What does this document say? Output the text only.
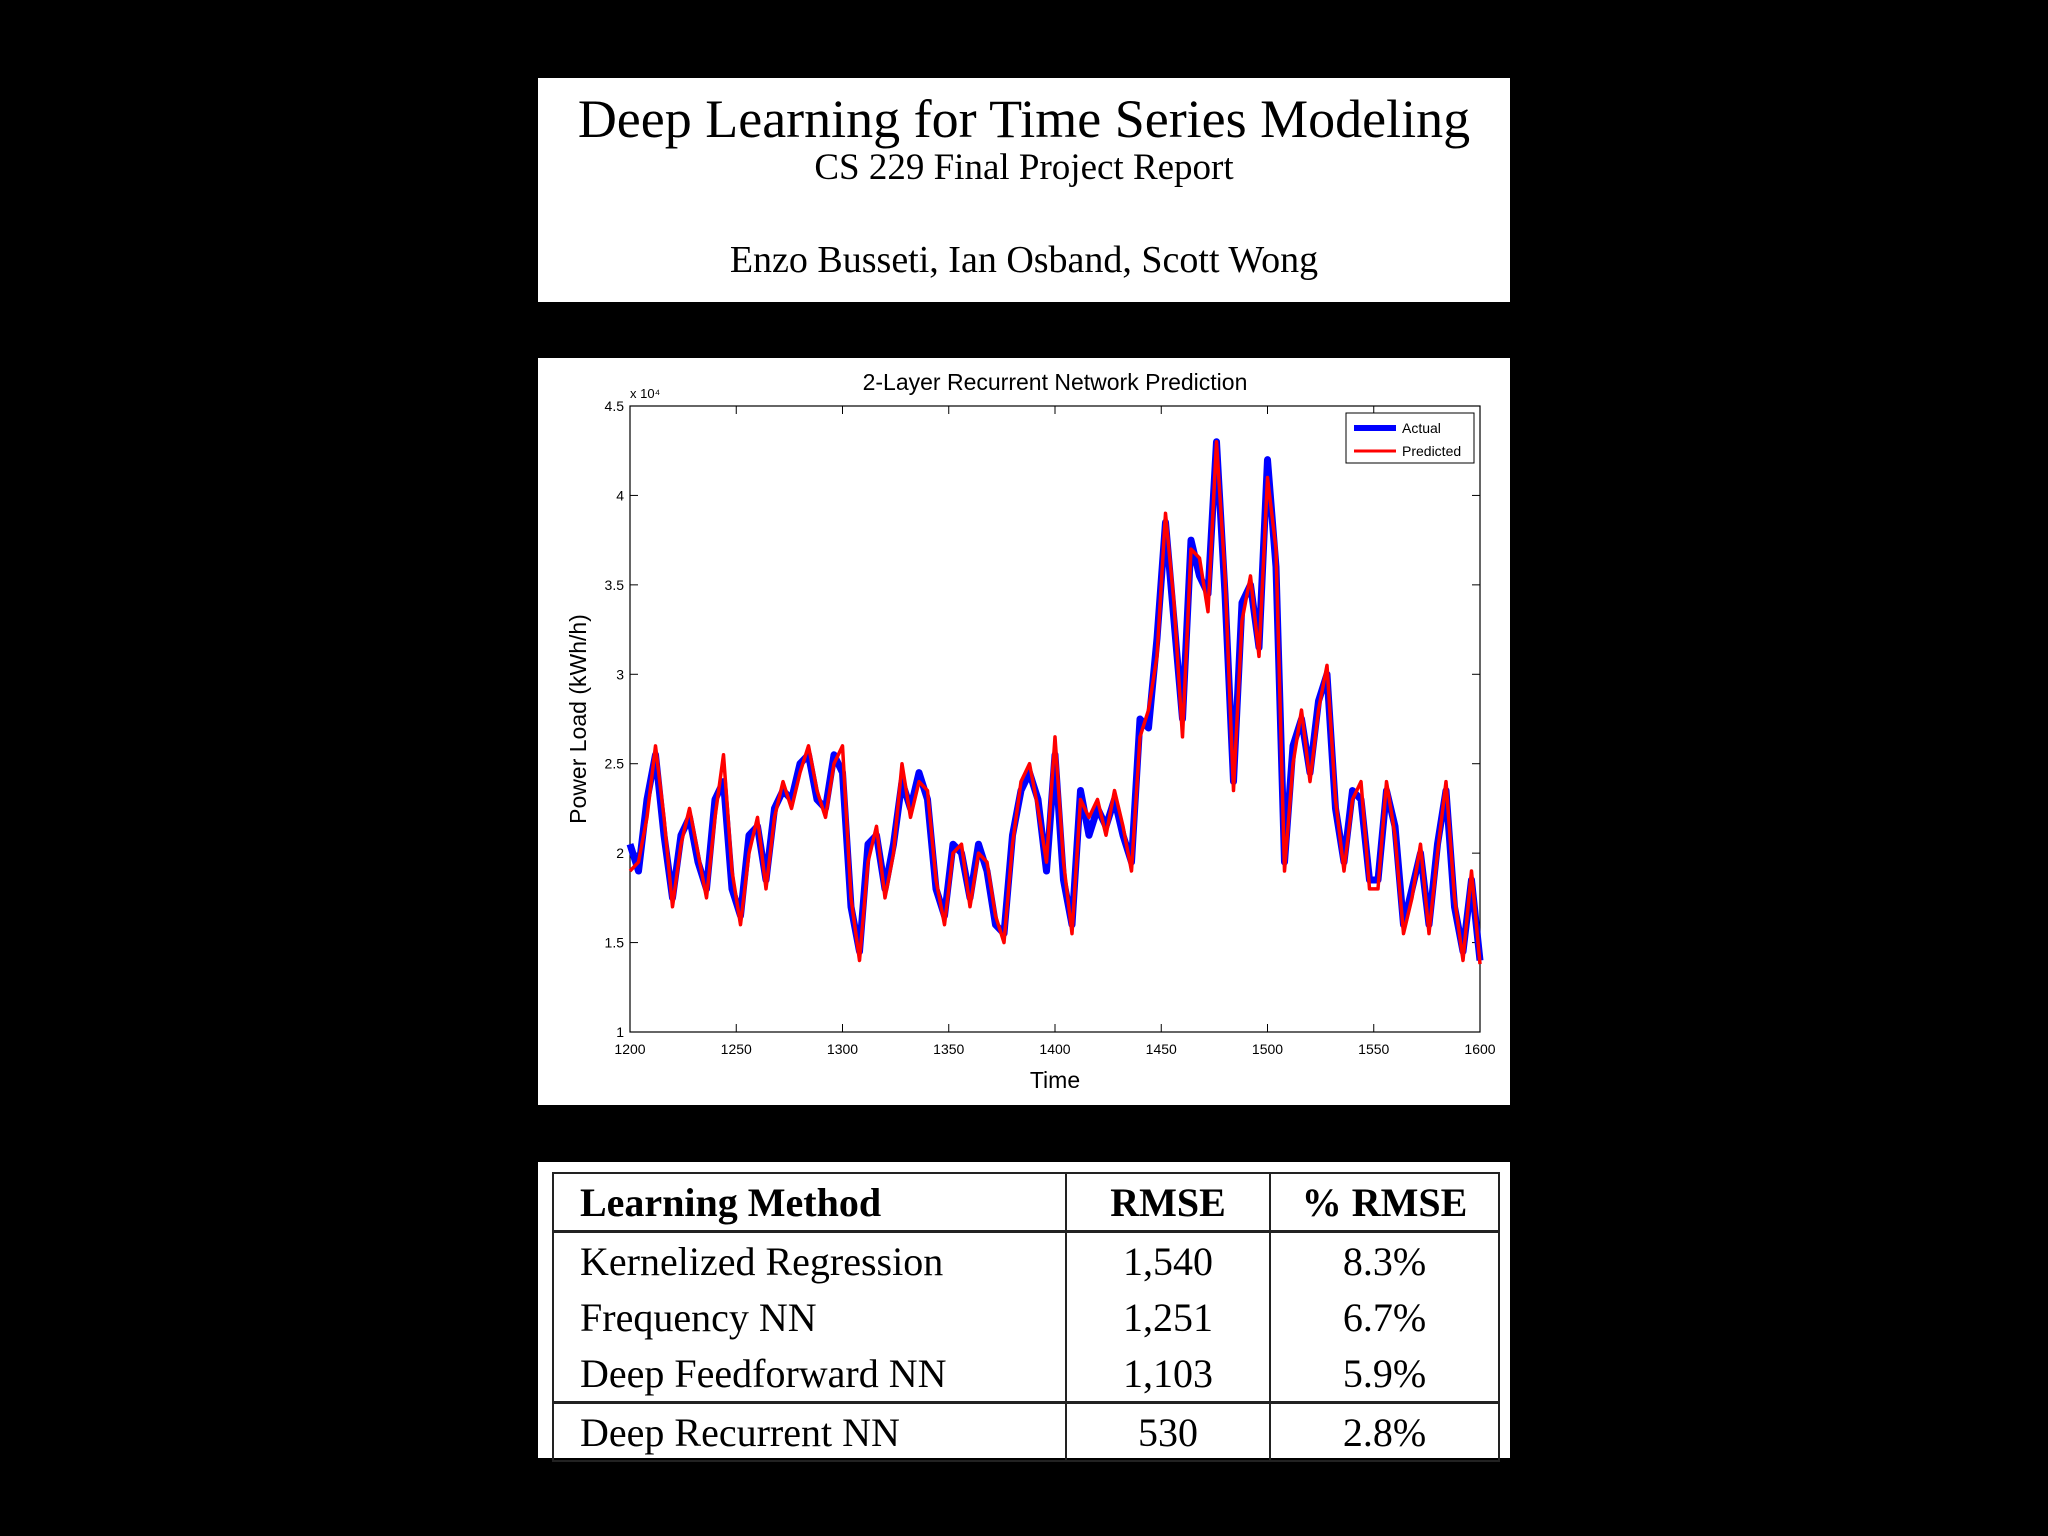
Deep Learning for Time Series Modeling
CS 229 Final Project Report
Enzo Busseti, Ian Osband, Scott Wong
1200	1250	1300	1350	1400	1450	1500	1550	1600
1
1.5
2
2.5
3
3.5
4
4.5
x 10⁴	2-Layer Recurrent Network Prediction
Time
Power Load (kWh/h)
Actual
Predicted
Learning Method	RMSE	% RMSE
Kernelized Regression	1,540	8.3%
Frequency NN	1,251	6.7%
Deep Feedforward NN	1,103	5.9%
Deep Recurrent NN	530	2.8%
